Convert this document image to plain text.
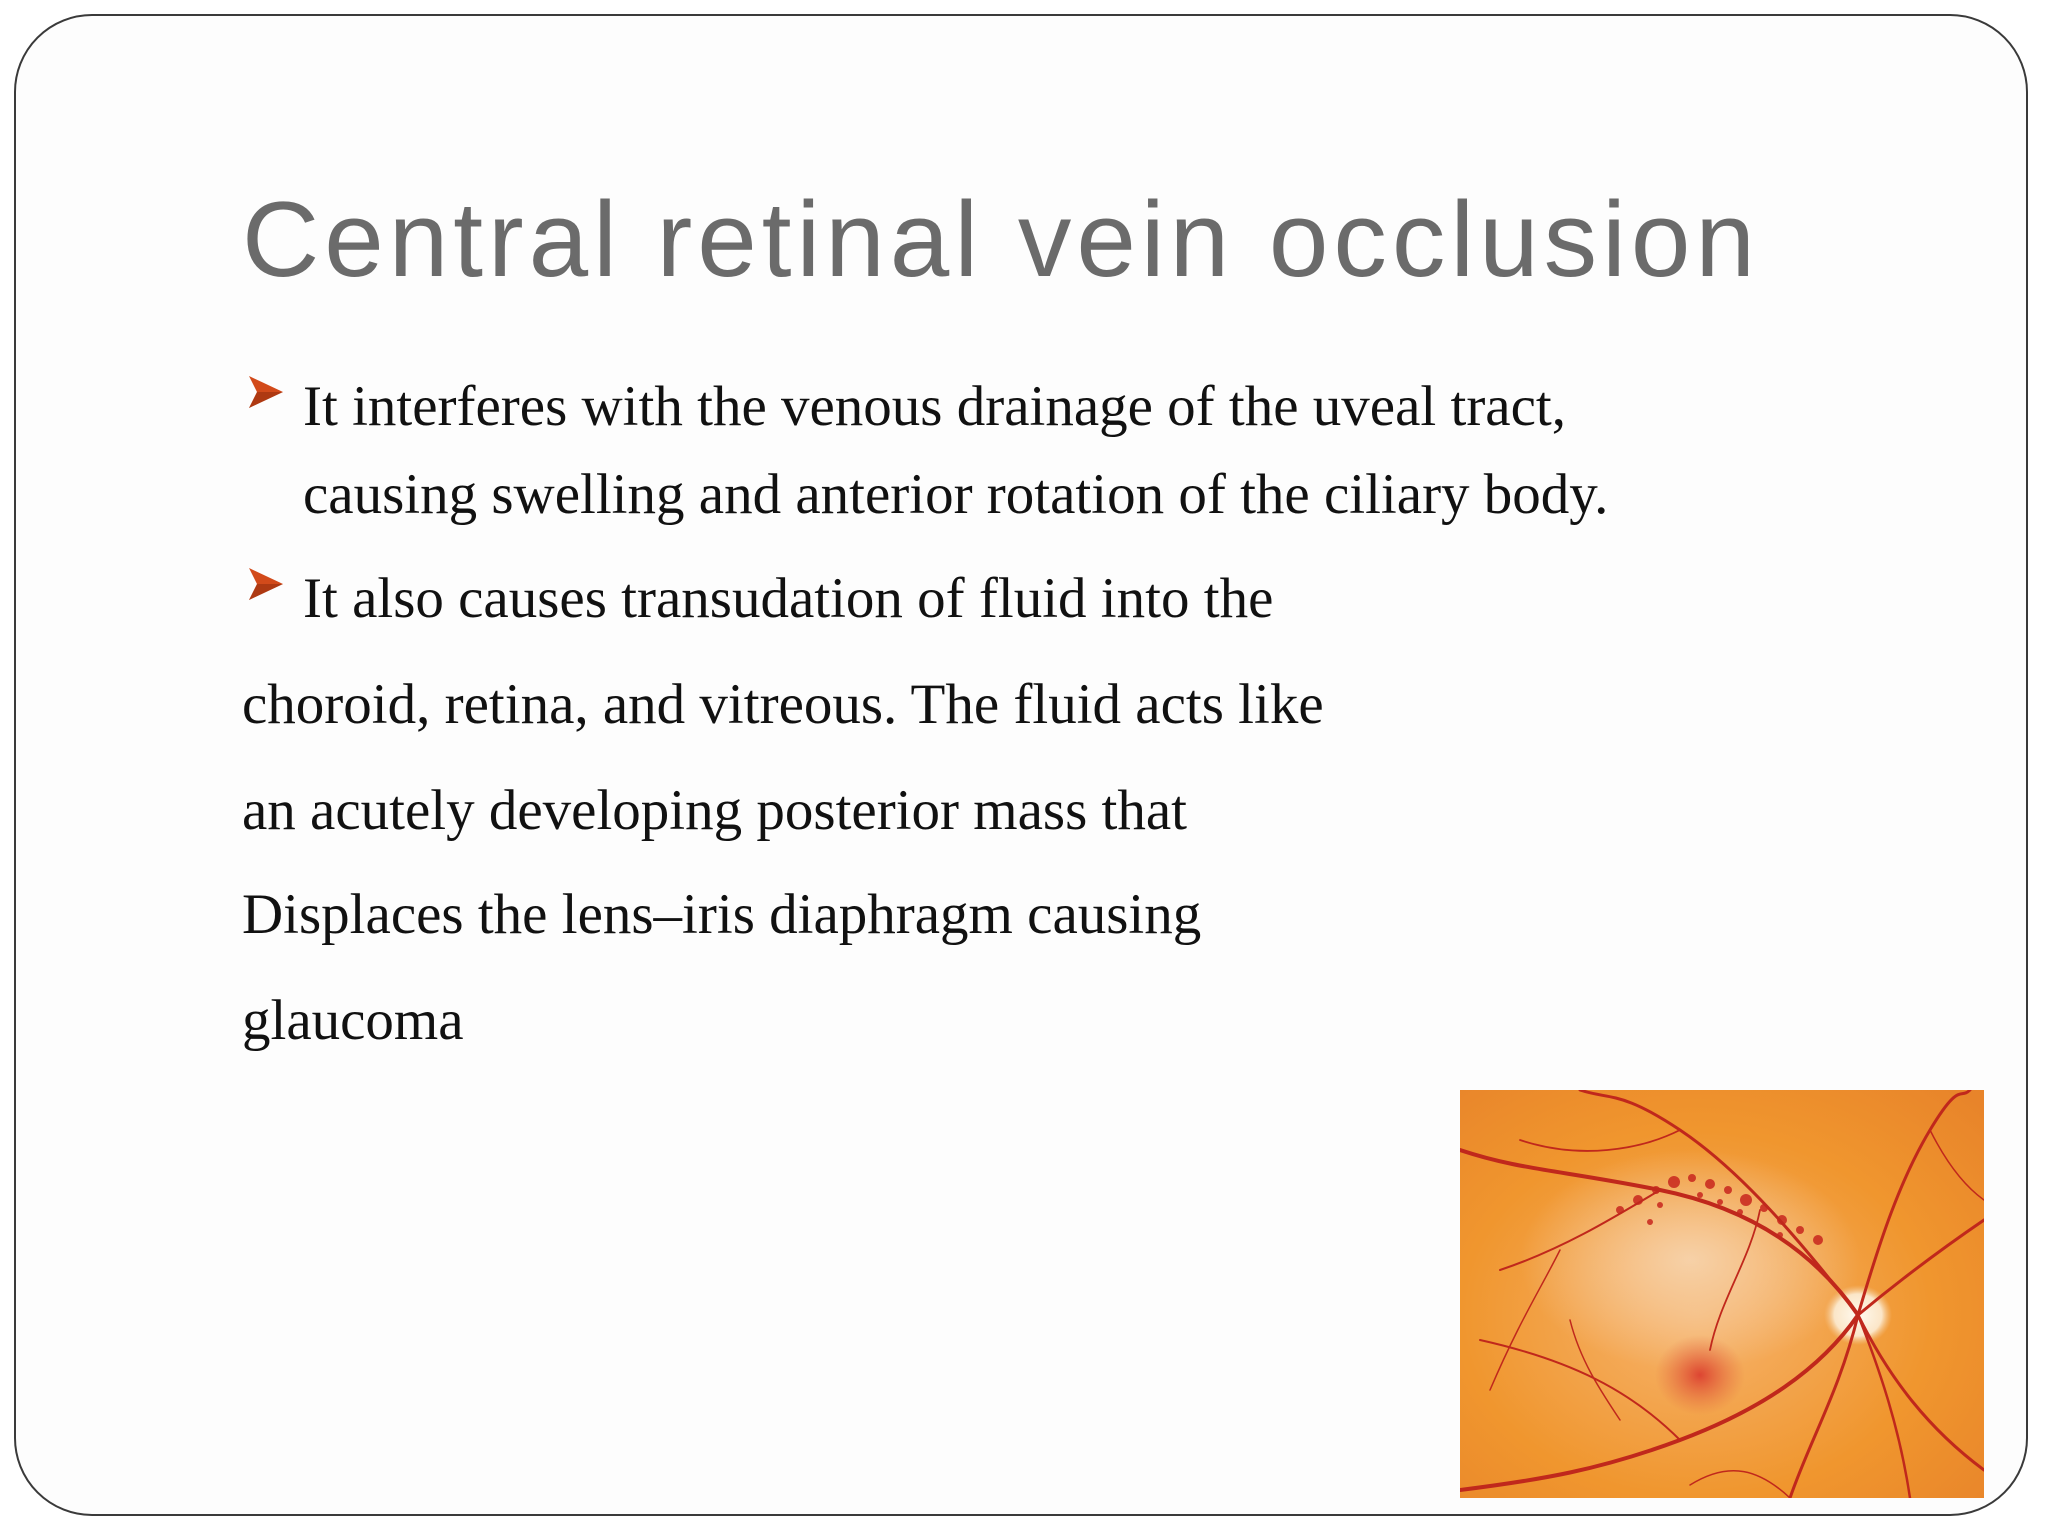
Central retinal vein occlusion
It interferes with the venous drainage of the uveal tract,
causing swelling and anterior rotation of the ciliary body.
It also causes transudation of fluid into the
choroid, retina, and vitreous. The fluid acts like
an acutely developing posterior mass that
Displaces the lens–iris diaphragm causing
glaucoma
